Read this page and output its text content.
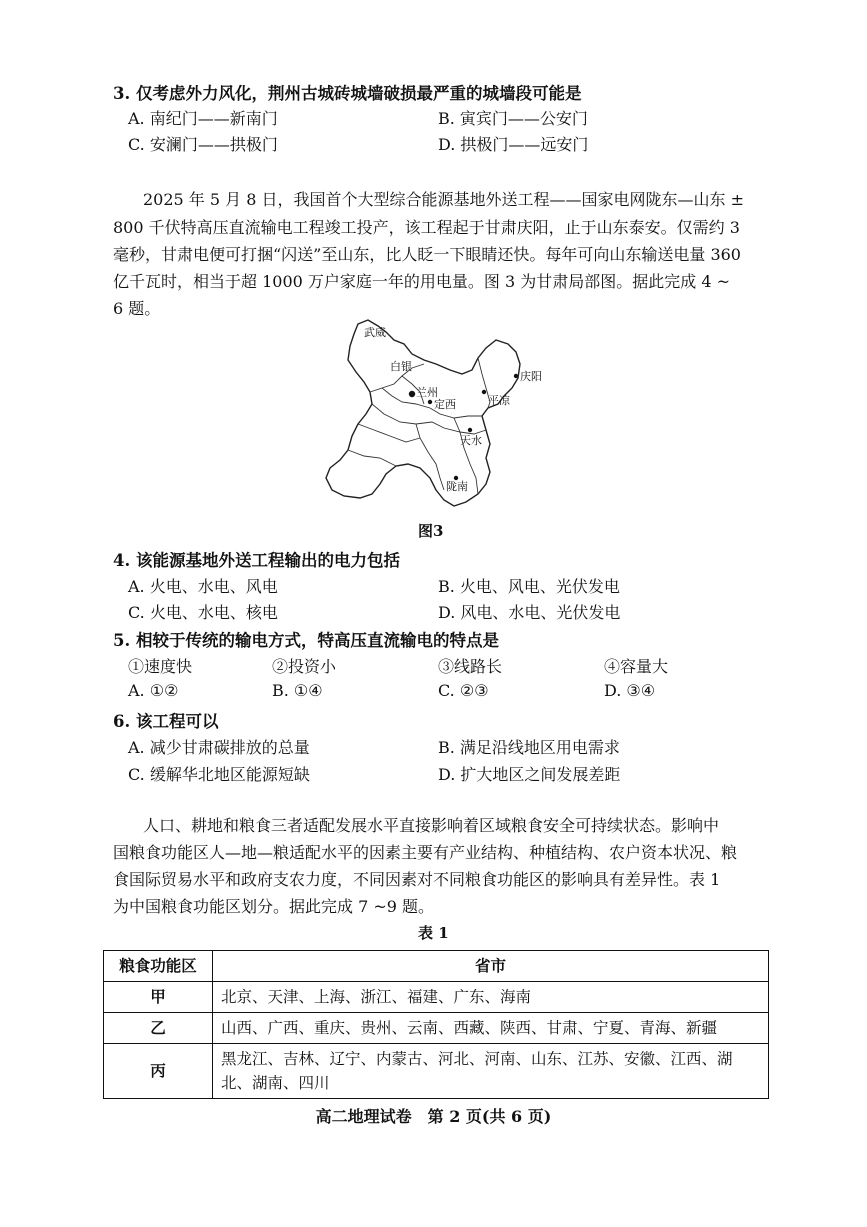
3. 仅考虑外力风化，荆州古城砖城墙破损最严重的城墙段可能是
A. 南纪门——新南门	B. 寅宾门——公安门
C. 安澜门——拱极门	D. 拱极门——远安门
2025 年 5 月 8 日，我国首个大型综合能源基地外送工程——国家电网陇东—山东 ±
800 千伏特高压直流输电工程竣工投产，该工程起于甘肃庆阳，止于山东泰安。仅需约 3
毫秒，甘肃电便可打捆“闪送”至山东，比人眨一下眼睛还快。每年可向山东输送电量 360
亿千瓦时，相当于超 1000 万户家庭一年的用电量。图 3 为甘肃局部图。据此完成 4 ~
6 题。
武威
白银
兰州
定西
庆阳
平凉
天水
陇南
图3
4. 该能源基地外送工程输出的电力包括
A. 火电、水电、风电	B. 火电、风电、光伏发电
C. 火电、水电、核电	D. 风电、水电、光伏发电
5. 相较于传统的输电方式，特高压直流输电的特点是
①速度快	②投资小	③线路长	④容量大
A. ①②	B. ①④	C. ②③	D. ③④
6. 该工程可以
A. 减少甘肃碳排放的总量	B. 满足沿线地区用电需求
C. 缓解华北地区能源短缺	D. 扩大地区之间发展差距
人口、耕地和粮食三者适配发展水平直接影响着区域粮食安全可持续状态。影响中
国粮食功能区人—地—粮适配水平的因素主要有产业结构、种植结构、农户资本状况、粮
食国际贸易水平和政府支农力度，不同因素对不同粮食功能区的影响具有差异性。表 1
为中国粮食功能区划分。据此完成 7 ~9 题。
表 1
粮食功能区	省市
甲	北京、天津、上海、浙江、福建、广东、海南
乙	山西、广西、重庆、贵州、云南、西藏、陕西、甘肃、宁夏、青海、新疆
丙	黑龙江、吉林、辽宁、内蒙古、河北、河南、山东、江苏、安徽、江西、湖北、湖南、四川
高二地理试卷　第 2 页(共 6 页)
